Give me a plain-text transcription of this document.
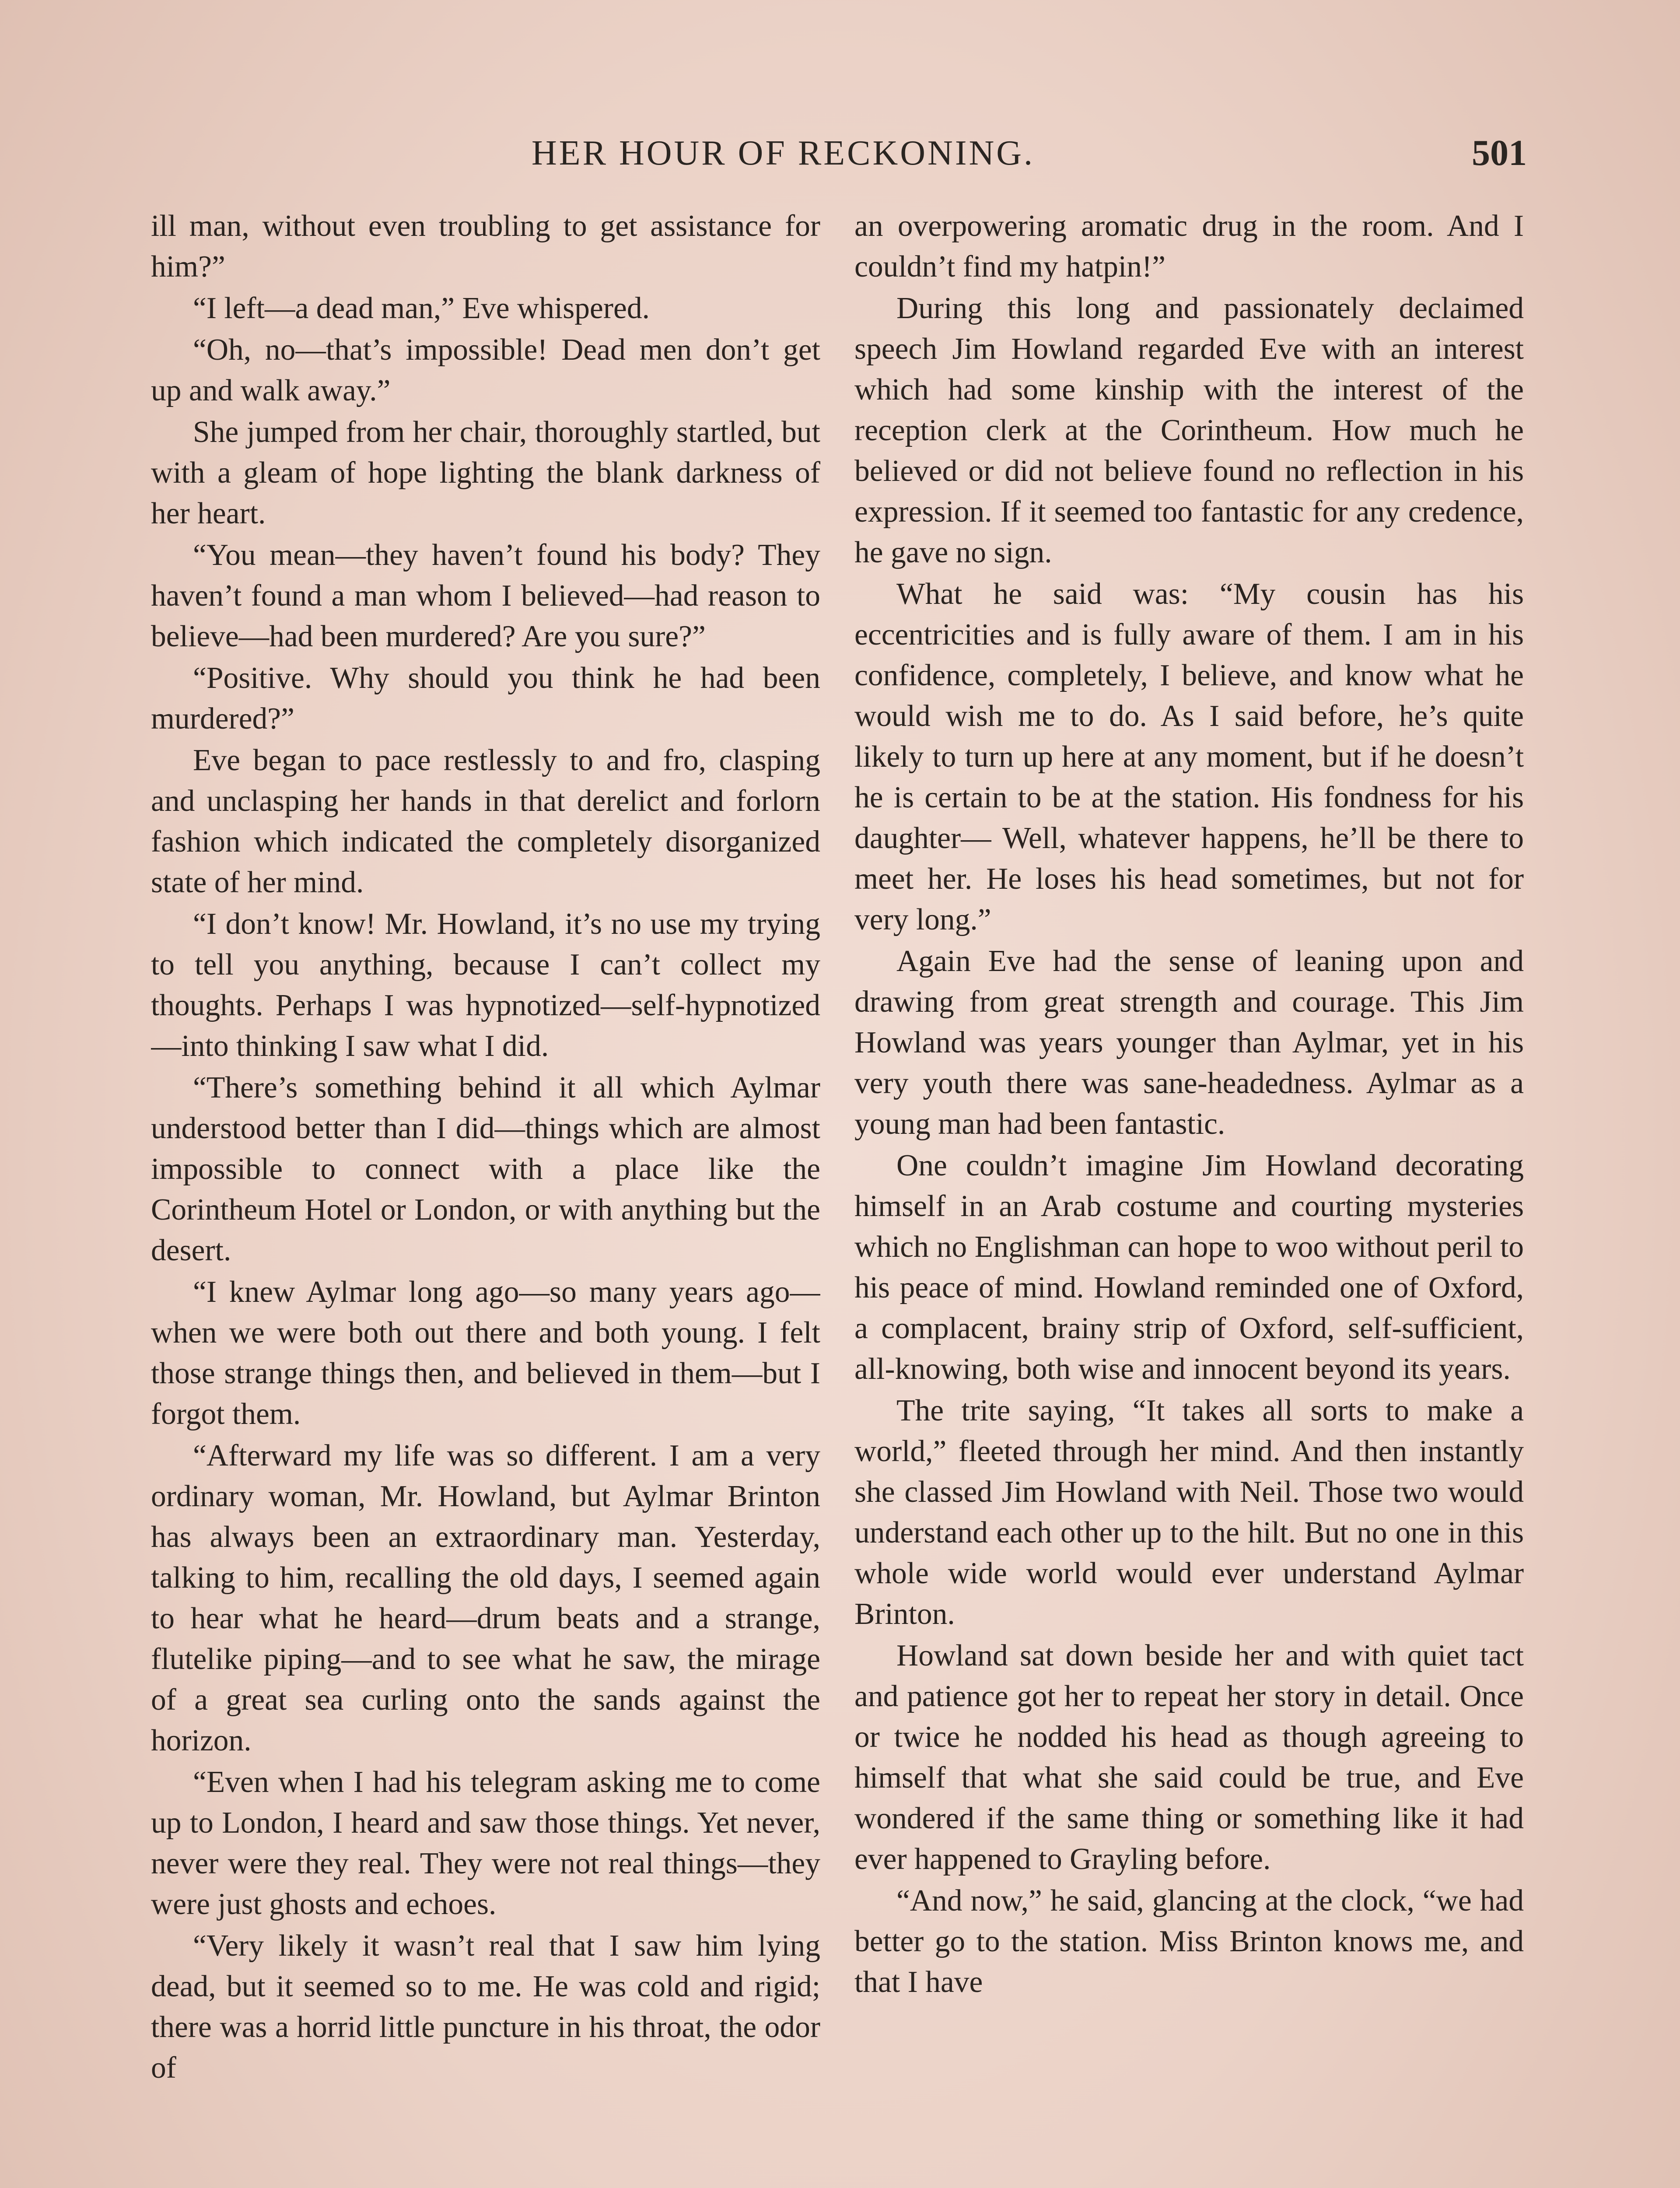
HER HOUR OF RECKONING.	501

ill man, without even troubling to get assistance for him?”

“I left—a dead man,” Eve whispered.

“Oh, no—that’s impossible! Dead men don’t get up and walk away.”

She jumped from her chair, thoroughly startled, but with a gleam of hope lighting the blank darkness of her heart.

“You mean—they haven’t found his body? They haven’t found a man whom I believed—had reason to believe—had been murdered? Are you sure?”

“Positive. Why should you think he had been murdered?”

Eve began to pace restlessly to and fro, clasping and unclasping her hands in that derelict and forlorn fashion which indicated the completely disorganized state of her mind.

“I don’t know! Mr. Howland, it’s no use my trying to tell you anything, because I can’t collect my thoughts. Perhaps I was hypnotized—self-hypnotized—into thinking I saw what I did.

“There’s something behind it all which Aylmar understood better than I did—things which are almost impossible to connect with a place like the Corintheum Hotel or London, or with anything but the desert.

“I knew Aylmar long ago—so many years ago—when we were both out there and both young. I felt those strange things then, and believed in them—but I forgot them.

“Afterward my life was so different. I am a very ordinary woman, Mr. Howland, but Aylmar Brinton has always been an extraordinary man. Yesterday, talking to him, recalling the old days, I seemed again to hear what he heard—drum beats and a strange, flutelike piping—and to see what he saw, the mirage of a great sea curling onto the sands against the horizon.

“Even when I had his telegram asking me to come up to London, I heard and saw those things. Yet never, never were they real. They were not real things—they were just ghosts and echoes.

“Very likely it wasn’t real that I saw him lying dead, but it seemed so to me. He was cold and rigid; there was a horrid little puncture in his throat, the odor of

an overpowering aromatic drug in the room. And I couldn’t find my hatpin!”

During this long and passionately declaimed speech Jim Howland regarded Eve with an interest which had some kinship with the interest of the reception clerk at the Corintheum. How much he believed or did not believe found no reflection in his expression. If it seemed too fantastic for any credence, he gave no sign.

What he said was: “My cousin has his eccentricities and is fully aware of them. I am in his confidence, completely, I believe, and know what he would wish me to do. As I said before, he’s quite likely to turn up here at any moment, but if he doesn’t he is certain to be at the station. His fondness for his daughter— Well, whatever happens, he’ll be there to meet her. He loses his head sometimes, but not for very long.”

Again Eve had the sense of leaning upon and drawing from great strength and courage. This Jim Howland was years younger than Aylmar, yet in his very youth there was sane-headedness. Aylmar as a young man had been fantastic.

One couldn’t imagine Jim Howland decorating himself in an Arab costume and courting mysteries which no Englishman can hope to woo without peril to his peace of mind. Howland reminded one of Oxford, a complacent, brainy strip of Oxford, self-sufficient, all-knowing, both wise and innocent beyond its years.

The trite saying, “It takes all sorts to make a world,” fleeted through her mind. And then instantly she classed Jim Howland with Neil. Those two would understand each other up to the hilt. But no one in this whole wide world would ever understand Aylmar Brinton.

Howland sat down beside her and with quiet tact and patience got her to repeat her story in detail. Once or twice he nodded his head as though agreeing to himself that what she said could be true, and Eve wondered if the same thing or something like it had ever happened to Grayling before.

“And now,” he said, glancing at the clock, “we had better go to the station. Miss Brinton knows me, and that I have
